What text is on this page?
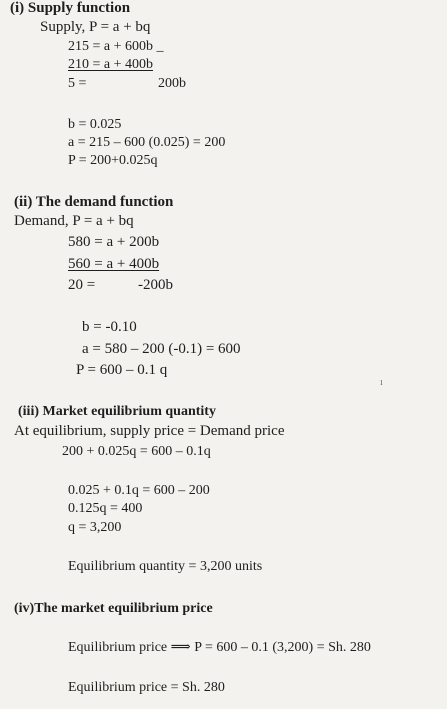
(i) Supply function
Supply, P = a + bq
215 = a + 600b _
210 = a + 400b
5 =	200b
b = 0.025
a = 215 – 600 (0.025) = 200
P = 200+0.025q
(ii) The demand function
Demand, P = a + bq
580 = a + 200b
560 = a + 400b
20 =	-200b
b = -0.10
a = 580 – 200 (-0.1) = 600
P = 600 – 0.1 q
ı
(iii) Market equilibrium quantity
At equilibrium, supply price = Demand price
200 + 0.025q = 600 – 0.1q
0.025 + 0.1q = 600 – 200
0.125q = 400
q = 3,200
Equilibrium quantity = 3,200 units
(iv)The market equilibrium price
Equilibrium price ⟹ P = 600 – 0.1 (3,200) = Sh. 280
Equilibrium price = Sh. 280
